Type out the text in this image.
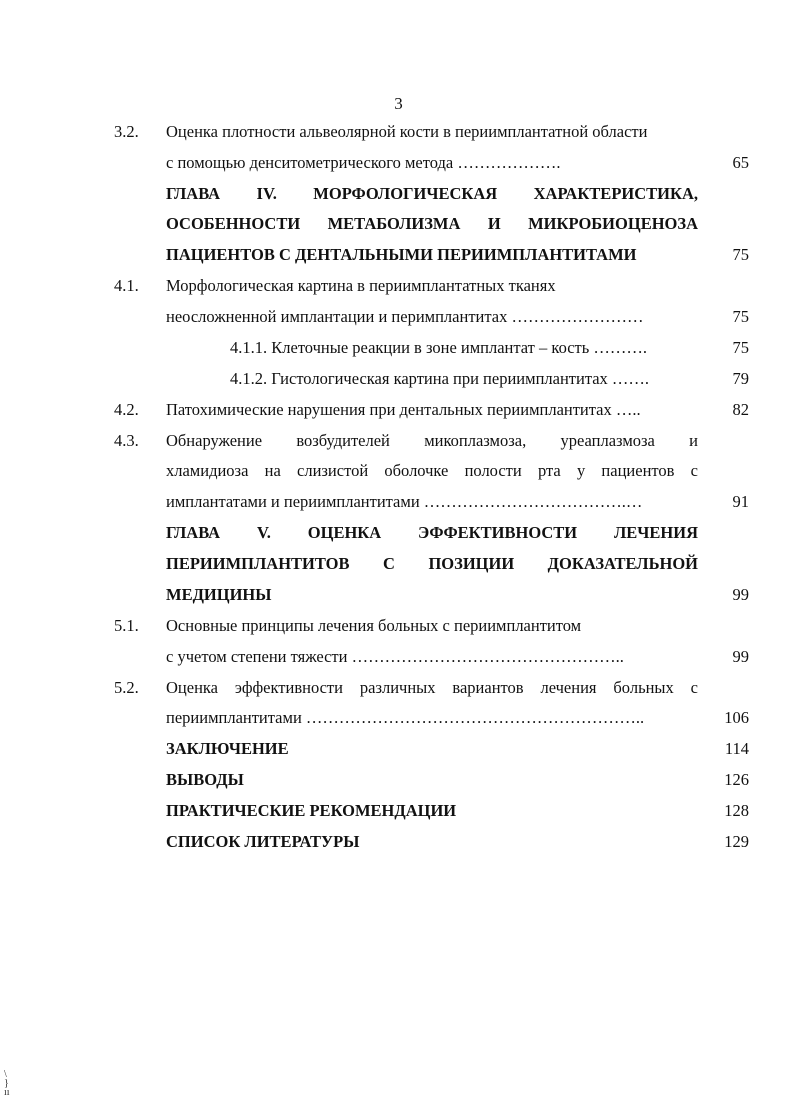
3
3.2. Оценка плотности альвеолярной кости в периимплантатной области
с помощью денситометрического метода ……………….	65
ГЛАВА IV. МОРФОЛОГИЧЕСКАЯ ХАРАКТЕРИСТИКА,
ОСОБЕННОСТИ МЕТАБОЛИЗМА И МИКРОБИОЦЕНОЗА
ПАЦИЕНТОВ С ДЕНТАЛЬНЫМИ ПЕРИИМПЛАНТИТАМИ	75
4.1. Морфологическая картина в периимплантатных тканях
неосложненной имплантации и перимплантитах ……………………	75
4.1.1. Клеточные реакции в зоне имплантат – кость ……….	75
4.1.2. Гистологическая картина при периимплантитах …….	79
4.2. Патохимические нарушения при дентальных периимплантитах …..	82
4.3. Обнаружение возбудителей микоплазмоза, уреаплазмоза и
хламидиоза на слизистой оболочке полости рта у пациентов с
имплантатами и периимплантитами ……………………………….…	91
ГЛАВА V. ОЦЕНКА ЭФФЕКТИВНОСТИ ЛЕЧЕНИЯ
ПЕРИИМПЛАНТИТОВ С ПОЗИЦИИ ДОКАЗАТЕЛЬНОЙ
МЕДИЦИНЫ	99
5.1. Основные принципы лечения больных с периимплантитом
с учетом степени тяжести …………………………………………..	99
5.2. Оценка эффективности различных вариантов лечения больных с
периимплантитами ……………………………………………………..	106
ЗАКЛЮЧЕНИЕ	114
ВЫВОДЫ	126
ПРАКТИЧЕСКИЕ РЕКОМЕНДАЦИИ	128
СПИСОК ЛИТЕРАТУРЫ	129
\
}
ıı
